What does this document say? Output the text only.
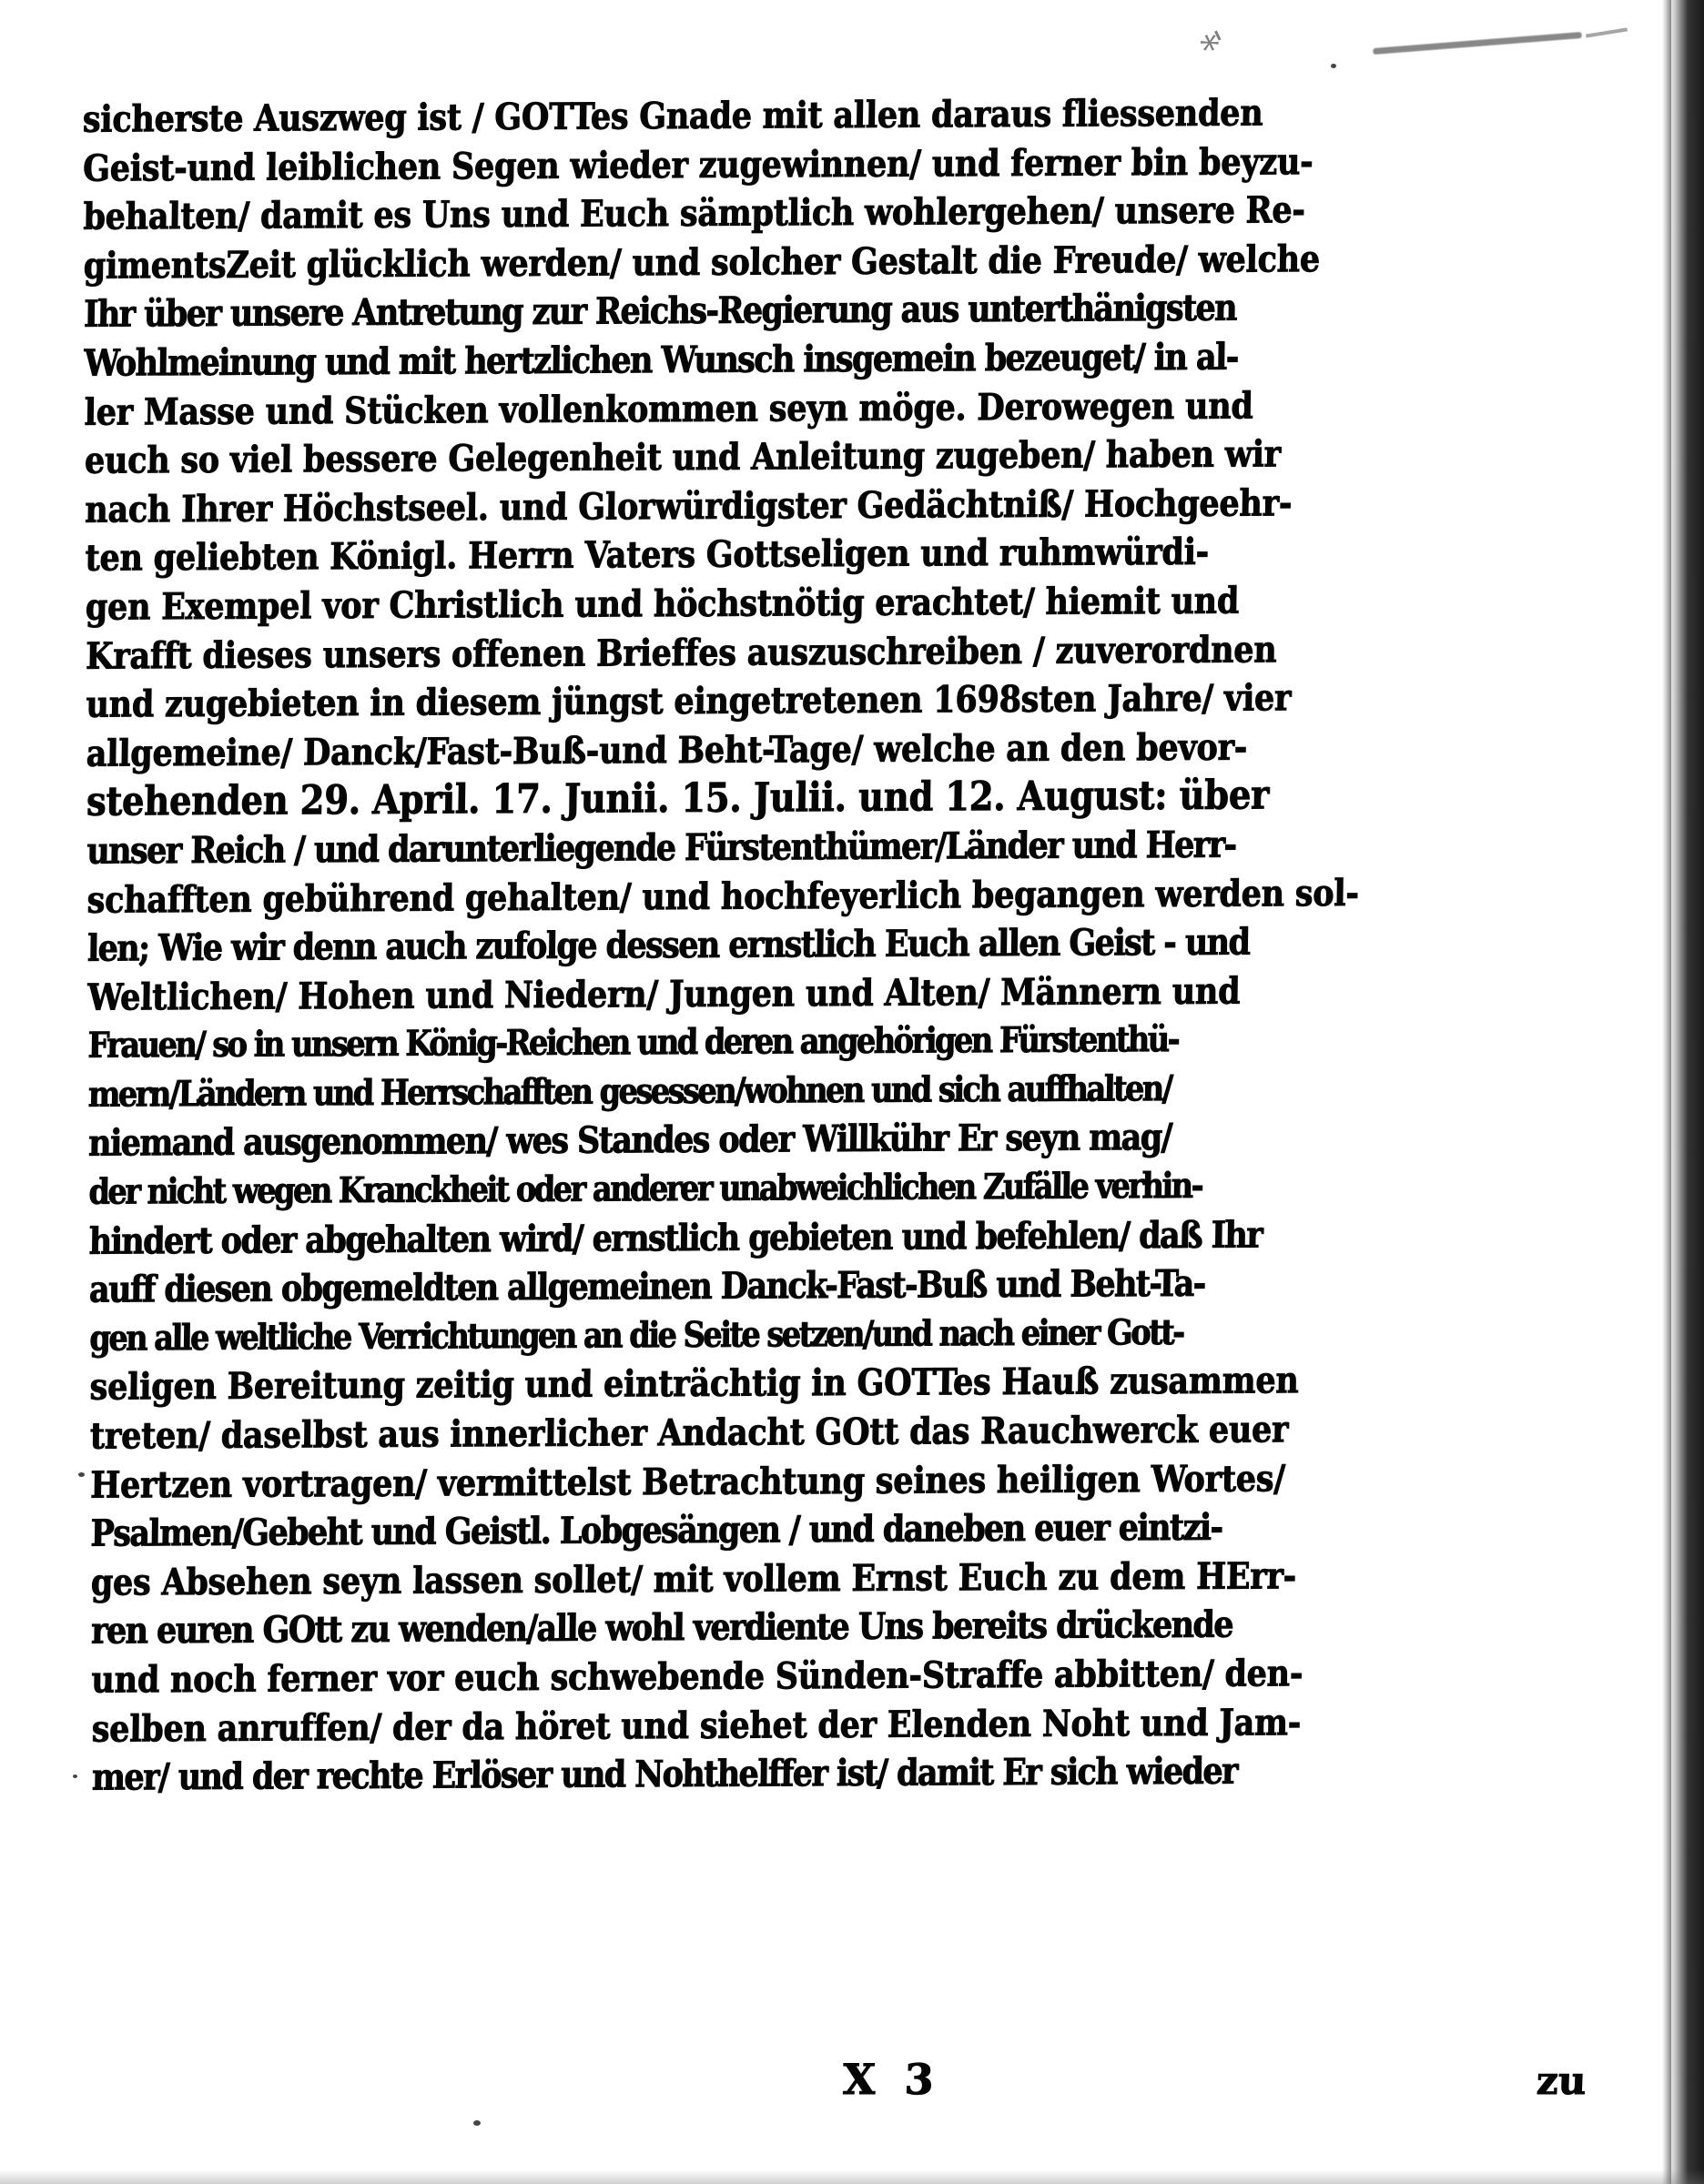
 * '
sicherste Auszweg ist / GOTTes Gnade mit allen daraus fliessenden
Geist-und leiblichen Segen wieder zugewinnen/ und ferner bin beyzu-
behalten/ damit es Uns und Euch sämptlich wohlergehen/ unsere Re-
gimentsZeit glücklich werden/ und solcher Gestalt die Freude/ welche
Ihr über unsere Antretung zur Reichs-Regierung aus unterthänigsten
Wohlmeinung und mit hertzlichen Wunsch insgemein bezeuget/ in al-
ler Masse und Stücken vollenkommen seyn möge. Derowegen und
euch so viel bessere Gelegenheit und Anleitung zugeben/ haben wir
nach Ihrer Höchstseel. und Glorwürdigster Gedächtniß/ Hochgeehr-
ten geliebten Königl. Herrn Vaters Gottseligen und ruhmwürdi-
gen Exempel vor Christlich und höchstnötig erachtet/ hiemit und
Krafft dieses unsers offenen Brieffes auszuschreiben / zuverordnen
und zugebieten in diesem jüngst eingetretenen 1698sten Jahre/ vier
allgemeine/ Danck/Fast-Buß-und Beht-Tage/ welche an den bevor-
stehenden 29. April. 17. Junii. 15. Julii. und 12. August: über
unser Reich / und darunterliegende Fürstenthümer/Länder und Herr-
schafften gebührend gehalten/ und hochfeyerlich begangen werden sol-
len; Wie wir denn auch zufolge dessen ernstlich Euch allen Geist - und
Weltlichen/ Hohen und Niedern/ Jungen und Alten/ Männern und
Frauen/ so in unsern König-Reichen und deren angehörigen Fürstenthü-
mern/Ländern und Herrschafften gesessen/wohnen und sich auffhalten/
niemand ausgenommen/ wes Standes oder Willkühr Er seyn mag/
der nicht wegen Kranckheit oder anderer unabweichlichen Zufälle verhin-
hindert oder abgehalten wird/ ernstlich gebieten und befehlen/ daß Ihr
auff diesen obgemeldten allgemeinen Danck-Fast-Buß und Beht-Ta-
gen alle weltliche Verrichtungen an die Seite setzen/und nach einer Gott-
seligen Bereitung zeitig und einträchtig in GOTTes Hauß zusammen
treten/ daselbst aus innerlicher Andacht GOtt das Rauchwerck euer
Hertzen vortragen/ vermittelst Betrachtung seines heiligen Wortes/
Psalmen/Gebeht und Geistl. Lobgesängen / und daneben euer eintzi-
ges Absehen seyn lassen sollet/ mit vollem Ernst Euch zu dem HErr-
ren euren GOtt zu wenden/alle wohl verdiente Uns bereits drückende
und noch ferner vor euch schwebende Sünden-Straffe abbitten/ den-
selben anruffen/ der da höret und siehet der Elenden Noht und Jam-
mer/ und der rechte Erlöser und Nohthelffer ist/ damit Er sich wieder
X 3	zu
